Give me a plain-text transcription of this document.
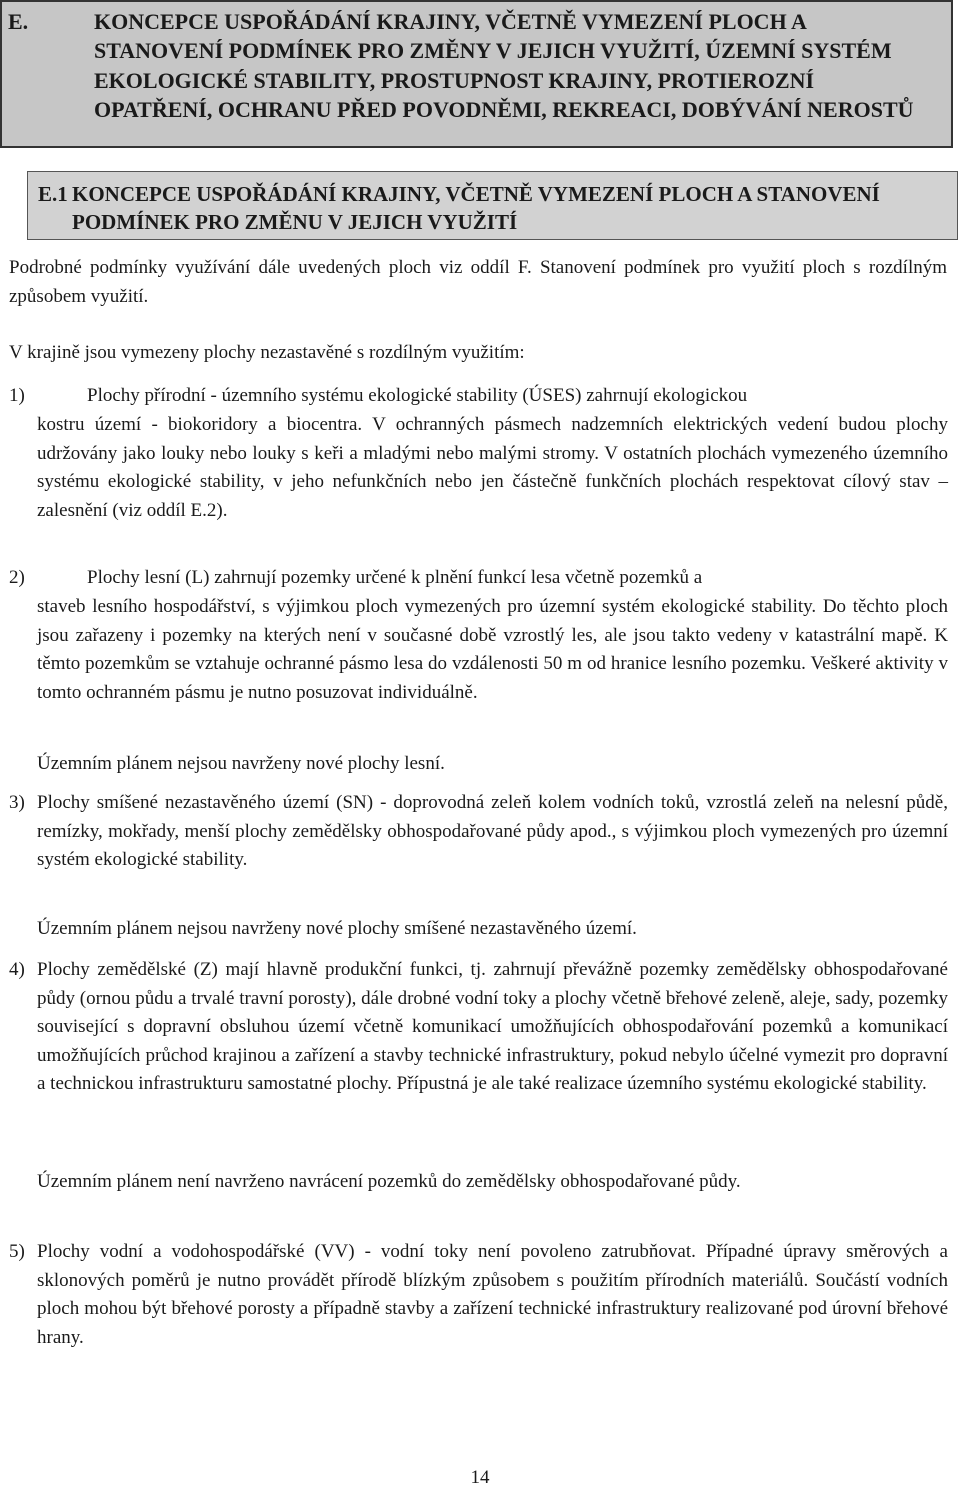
E.	KONCEPCE USPOŘÁDÁNÍ KRAJINY, VČETNĚ VYMEZENÍ PLOCH A STANOVENÍ PODMÍNEK PRO ZMĚNY V JEJICH VYUŽITÍ, ÚZEMNÍ SYSTÉM EKOLOGICKÉ STABILITY, PROSTUPNOST KRAJINY, PROTIEROZNÍ OPATŘENÍ, OCHRANU PŘED POVODNĚMI, REKREACI, DOBÝVÁNÍ NEROSTŮ
E.1 KONCEPCE USPOŘÁDÁNÍ KRAJINY, VČETNĚ VYMEZENÍ PLOCH A STANOVENÍ PODMÍNEK PRO ZMĚNU V JEJICH VYUŽITÍ

Podrobné podmínky využívání dále uvedených ploch viz oddíl F. Stanovení podmínek pro využití ploch s rozdílným způsobem využití.

V krajině jsou vymezeny plochy nezastavěné s rozdílným využitím:

1)	Plochy přírodní - územního systému ekologické stability (ÚSES) zahrnují ekologickou

kostru území - biokoridory a biocentra. V ochranných pásmech nadzemních elektrických vedení budou plochy udržovány jako louky nebo louky s keři a mladými nebo malými stromy. V ostatních plochách vymezeného územního systému ekologické stability, v jeho nefunkčních nebo jen částečně funkčních plochách respektovat cílový stav – zalesnění (viz oddíl E.2).

2)	Plochy lesní (L) zahrnují pozemky určené k plnění funkcí lesa včetně pozemků a

staveb lesního hospodářství, s výjimkou ploch vymezených pro územní systém ekologické stability. Do těchto ploch jsou zařazeny i pozemky na kterých není v současné době vzrostlý les, ale jsou takto vedeny v katastrální mapě. K těmto pozemkům se vztahuje ochranné pásmo lesa do vzdálenosti 50 m od hranice lesního pozemku. Veškeré aktivity v tomto ochranném pásmu je nutno posuzovat individuálně.

Územním plánem nejsou navrženy nové plochy lesní.

3) Plochy smíšené nezastavěného území (SN) - doprovodná zeleň kolem vodních toků, vzrostlá zeleň na nelesní půdě, remízky, mokřady, menší plochy zemědělsky obhospodařované půdy apod., s výjimkou ploch vymezených pro územní systém ekologické stability.

Územním plánem nejsou navrženy nové plochy smíšené nezastavěného území.

4) Plochy zemědělské (Z) mají hlavně produkční funkci, tj. zahrnují převážně pozemky zemědělsky obhospodařované půdy (ornou půdu a trvalé travní porosty), dále drobné vodní toky a plochy včetně břehové zeleně, aleje, sady, pozemky související s dopravní obsluhou území včetně komunikací umožňujících obhospodařování pozemků a komunikací umožňujících průchod krajinou a zařízení a stavby technické infrastruktury, pokud nebylo účelné vymezit pro dopravní a technickou infrastrukturu samostatné plochy. Přípustná je ale také realizace územního systému ekologické stability.

Územním plánem není navrženo navrácení pozemků do zemědělsky obhospodařované půdy.

5) Plochy vodní a vodohospodářské (VV) - vodní toky není povoleno zatrubňovat. Případné úpravy směrových a sklonových poměrů je nutno provádět přírodě blízkým způsobem s použitím přírodních materiálů. Součástí vodních ploch mohou být břehové porosty a případně stavby a zařízení technické infrastruktury realizované pod úrovní břehové hrany.

14
